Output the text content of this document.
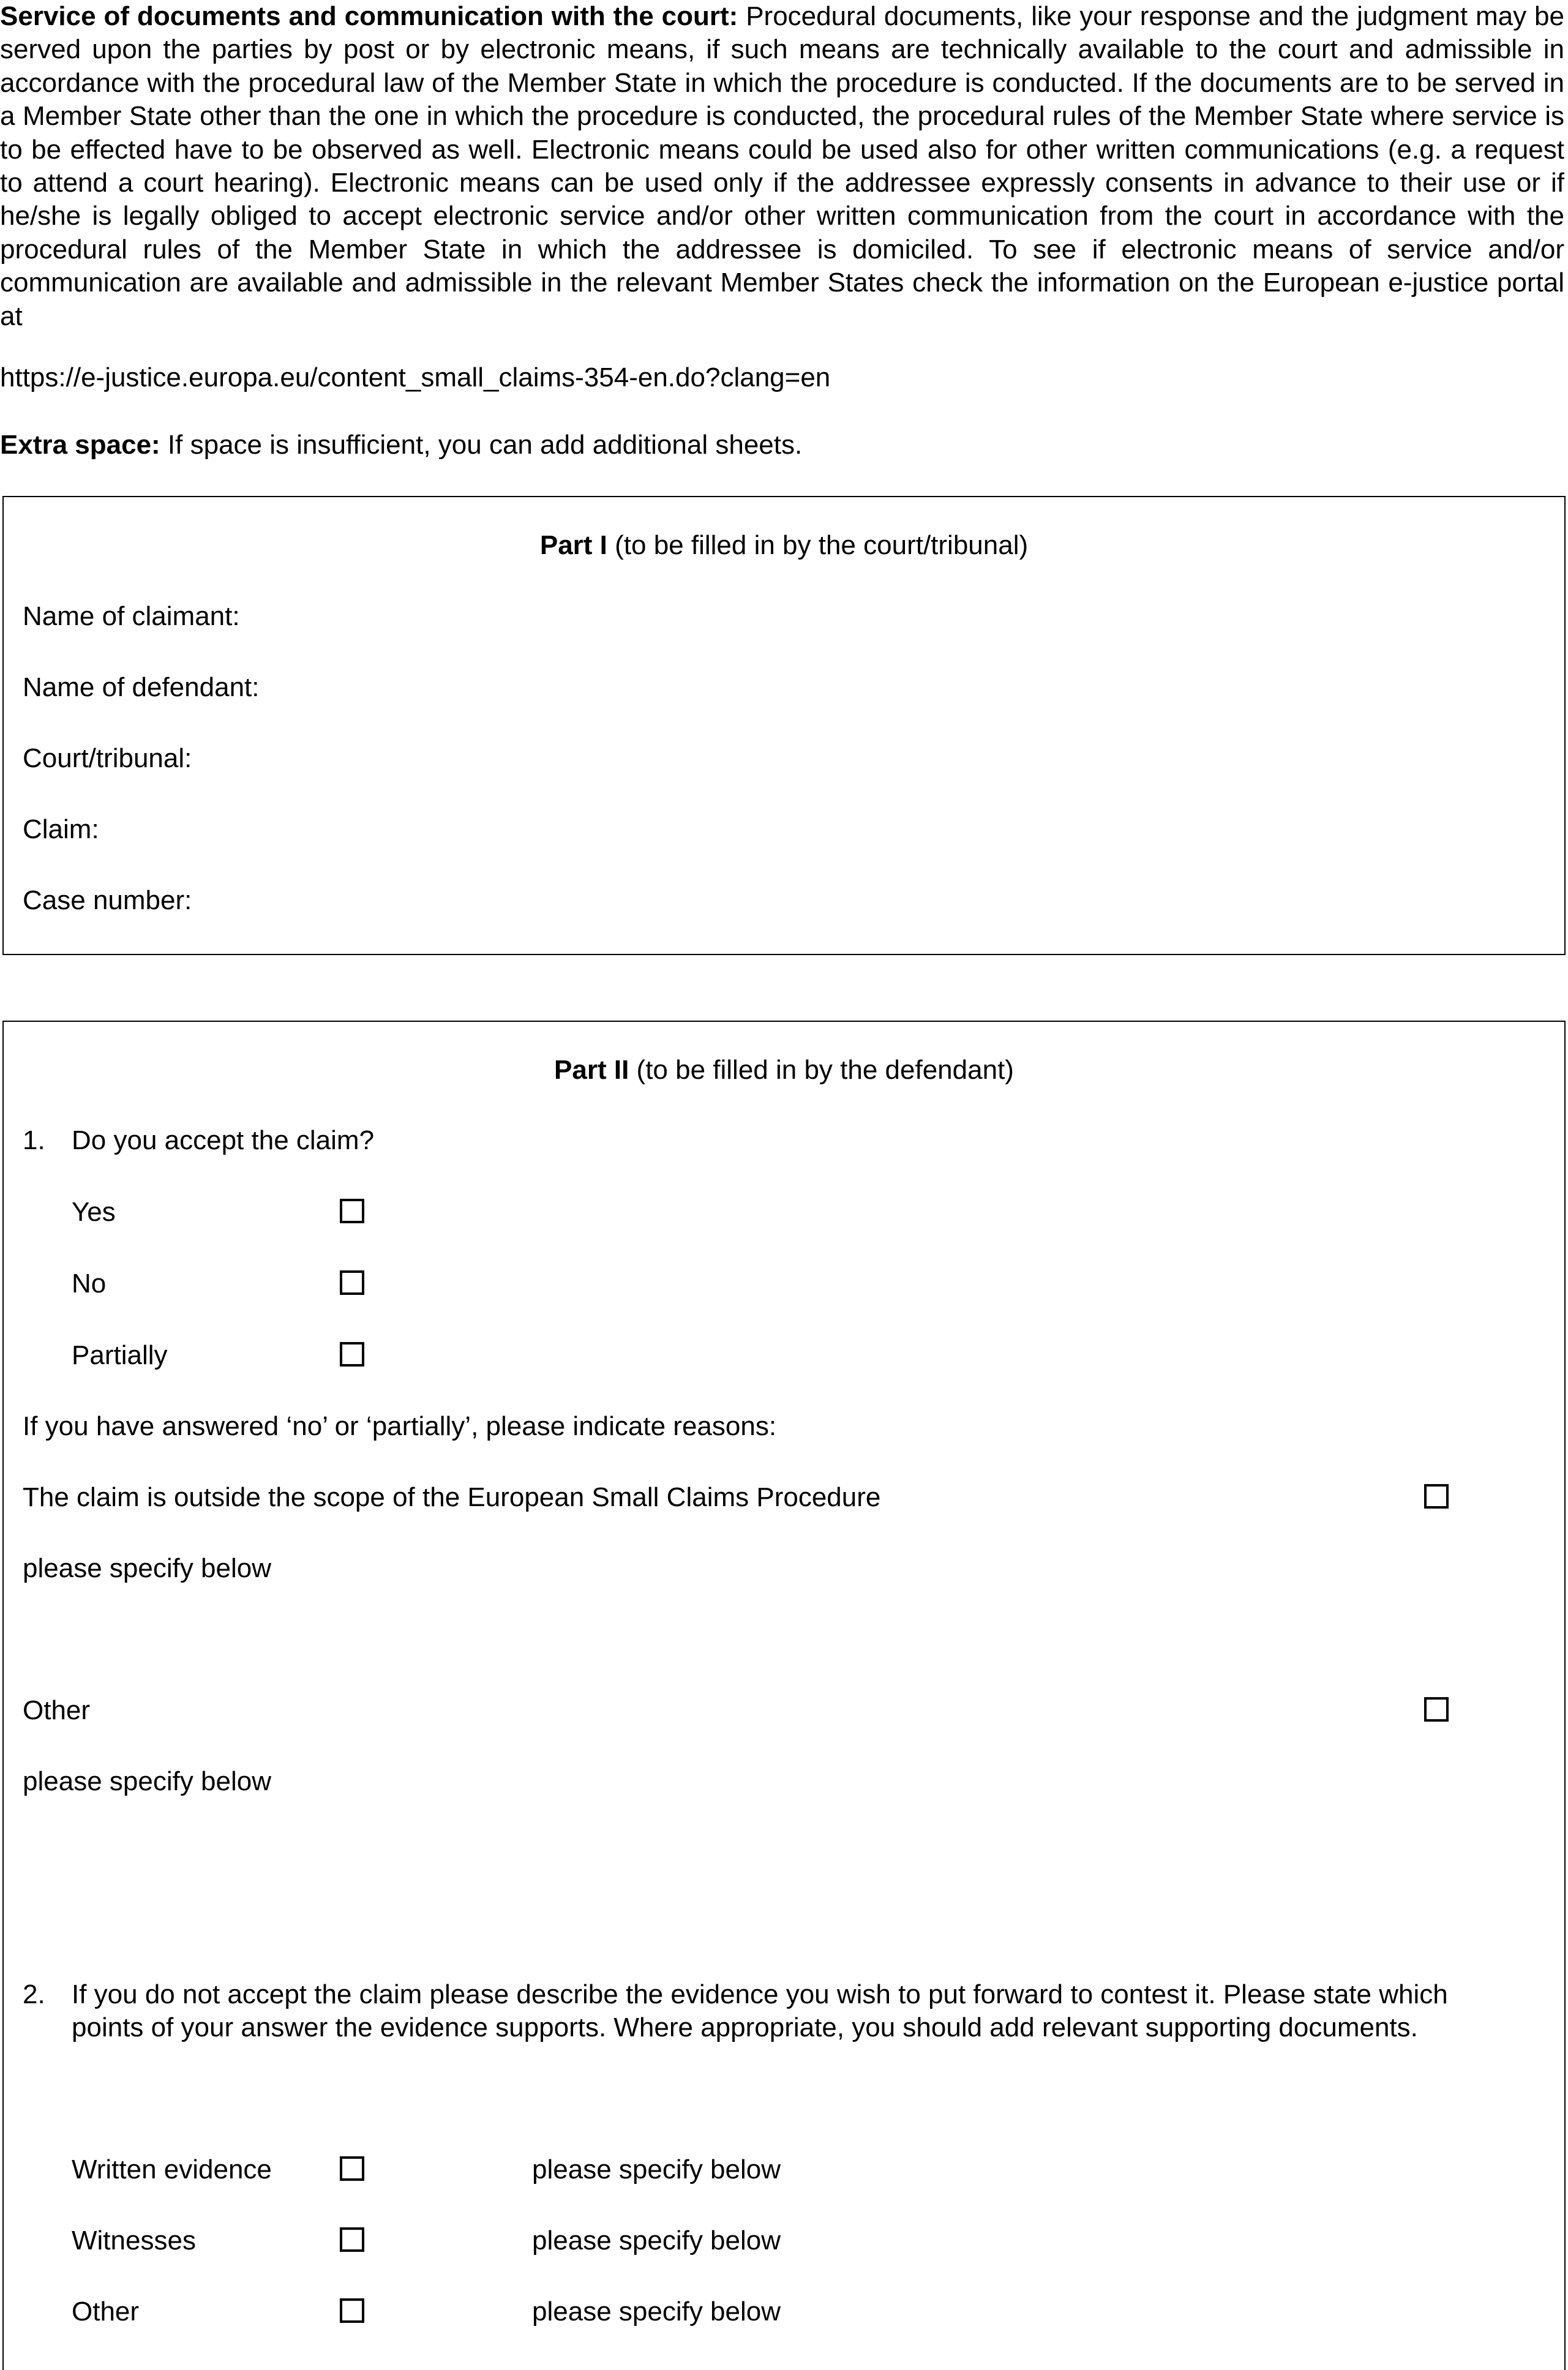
Service of documents and communication with the court: Procedural documents, like your response and the judgment may be served upon the parties by post or by electronic means, if such means are technically available to the court and admissible in accordance with the procedural law of the Member State in which the procedure is conducted. If the documents are to be served in a Member State other than the one in which the procedure is conducted, the procedural rules of the Member State where service is to be effected have to be observed as well. Electronic means could be used also for other written communications (e.g. a request to attend a court hearing). Electronic means can be used only if the addressee expressly consents in advance to their use or if he/she is legally obliged to accept electronic service and/or other written communication from the court in accordance with the procedural rules of the Member State in which the addressee is domiciled. To see if electronic means of service and/or communication are available and admissible in the relevant Member States check the information on the European e-justice portal at

https://e-justice.europa.eu/content_small_claims-354-en.do?clang=en
Extra space: If space is insufficient, you can add additional sheets.
Part I (to be filled in by the court/tribunal)
Name of claimant:
Name of defendant:
Court/tribunal:
Claim:
Case number:
Part II (to be filled in by the defendant)
1. Do you accept the claim?
Yes
No
Partially
If you have answered ‘no’ or ‘partially’, please indicate reasons:
The claim is outside the scope of the European Small Claims Procedure
please specify below
Other
please specify below
2. If you do not accept the claim please describe the evidence you wish to put forward to contest it. Please state which
points of your answer the evidence supports. Where appropriate, you should add relevant supporting documents.
Written evidence	please specify below
Witnesses	please specify below
Other	please specify below
